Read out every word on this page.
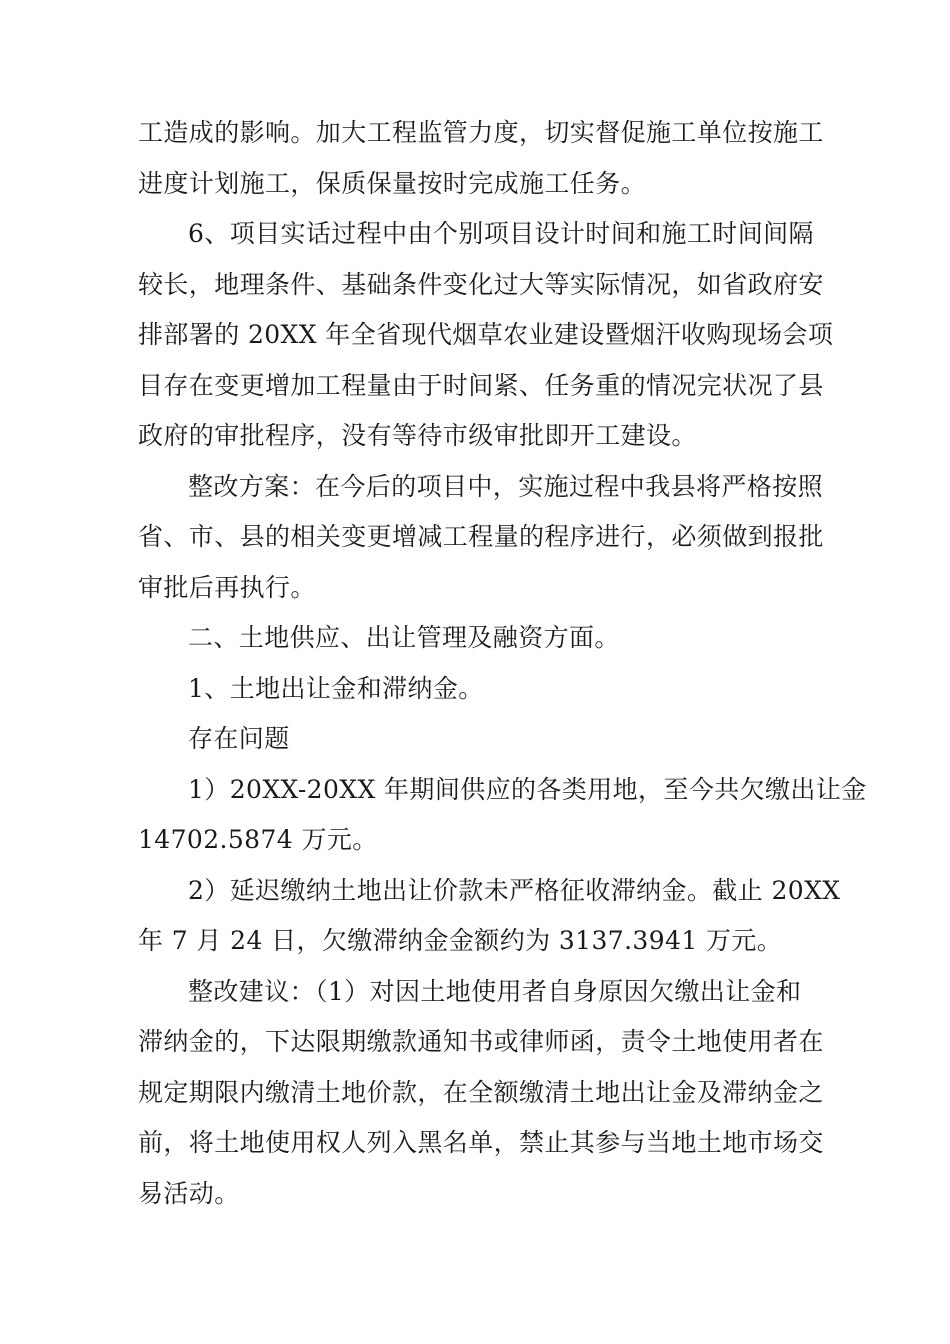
工造成的影响。加大工程监管力度，切实督促施工单位按施工

进度计划施工，保质保量按时完成施工任务。

6、项目实话过程中由个别项目设计时间和施工时间间隔

较长，地理条件、基础条件变化过大等实际情况，如省政府安

排部署的 20XX 年全省现代烟草农业建设暨烟汗收购现场会项

目存在变更增加工程量由于时间紧、任务重的情况完状况了县

政府的审批程序，没有等待市级审批即开工建设。

整改方案：在今后的项目中，实施过程中我县将严格按照

省、市、县的相关变更增减工程量的程序进行，必须做到报批

审批后再执行。

二、土地供应、出让管理及融资方面。

1、土地出让金和滞纳金。

存在问题

1）20XX-20XX 年期间供应的各类用地，至今共欠缴出让金

14702.5874 万元。

2）延迟缴纳土地出让价款未严格征收滞纳金。截止 20XX

年 7 月 24 日，欠缴滞纳金金额约为 3137.3941 万元。

整改建议：（1）对因土地使用者自身原因欠缴出让金和

滞纳金的，下达限期缴款通知书或律师函，责令土地使用者在

规定期限内缴清土地价款，在全额缴清土地出让金及滞纳金之

前，将土地使用权人列入黑名单，禁止其参与当地土地市场交

易活动。
